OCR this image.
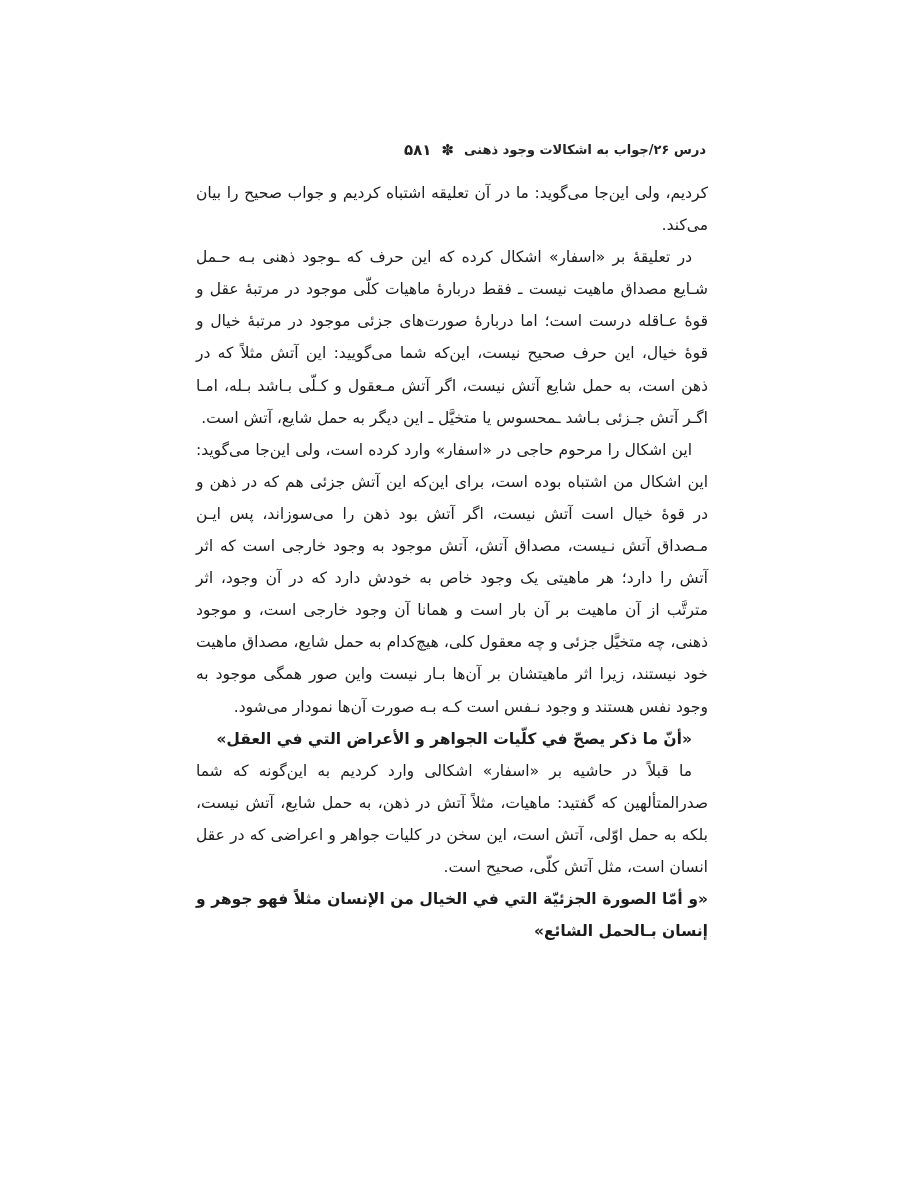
درس ۲۶/جواب به اشکالات وجود ذهنی
✽
۵۸۱

کردیم، ولی این‌جا می‌گوید: ما در آن تعلیقه اشتباه کردیم و جواب صحیح را بیان می‌کند.

در تعلیقهٔ بر «اسفار» اشکال کرده که این حرف که ـوجود ذهنی بـه حـمل شـایع مصداق ماهیت نیست ـ فقط دربارهٔ ماهیات کلّی موجود در مرتبهٔ عقل و قوهٔ عـاقله درست است؛ اما دربارهٔ صورت‌های جزئی موجود در مرتبهٔ خیال و قوهٔ خیال، این حرف صحیح نیست، این‌که شما می‌گویید: این آتش مثلاً که در ذهن است، به حمل شایع آتش نیست، اگر آتش مـعقول و کـلّی بـاشد بـله، امـا اگـر آتش جـزئی بـاشد ـمحسوس یا متخیَّل ـ این دیگر به حمل شایع، آتش است.

این اشکال را مرحوم حاجی در «اسفار» وارد کرده است، ولی این‌جا می‌گوید: این اشکال من اشتباه بوده است، برای این‌که این آتش جزئی هم که در ذهن و در قوهٔ خیال است آتش نیست، اگر آتش بود ذهن را می‌سوزاند، پس ایـن مـصداق آتش نـیست، مصداق آتش، آتش موجود به وجود خارجی است که اثر آتش را دارد؛ هر ماهیتی یک وجود خاص به خودش دارد که در آن وجود، اثر مترتَّب از آن ماهیت بر آن بار است و همانا آن وجود خارجی است، و موجود ذهنی، چه متخیَّل جزئی و چه معقول کلی، هیچ‌کدام به حمل شایع، مصداق ماهیت خود نیستند، زیرا اثر ماهیتشان بر آن‌ها بـار نیست واین صور همگی موجود به وجود نفس هستند و وجود نـفس است کـه بـه صورت آن‌ها نمودار می‌شود.

«أنّ ما ذکر یصحّ في کلّیات الجواهر و الأعراض التي في العقل»

ما قبلاً در حاشیه بر «اسفار» اشکالی وارد کردیم به این‌گونه که شما صدرالمتألهین که گفتید: ماهیات، مثلاً آتش در ذهن، به حمل شایع، آتش نیست، بلکه به حمل اوّلی، آتش است، این سخن در کلیات جواهر و اعراضی که در عقل انسان است، مثل آتش کلّی، صحیح است.

«و أمّا الصورة الجزئیّة التي في الخیال من الإنسان مثلاً فهو جوهر و إنسان بـالحمل الشائع»
